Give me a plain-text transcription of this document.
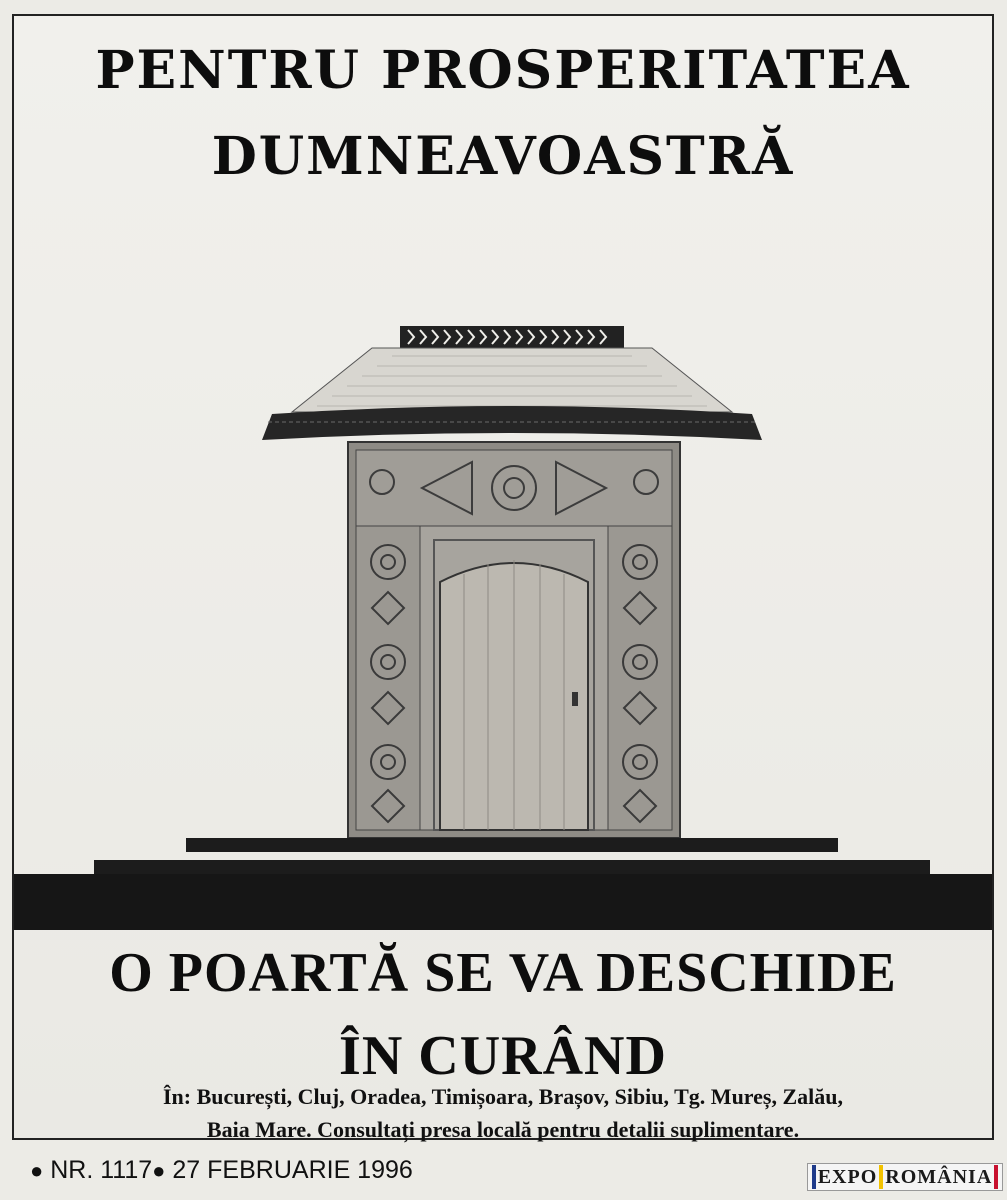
PENTRU PROSPERITATEA
DUMNEAVOASTRĂ
O POARTĂ SE VA DESCHIDE
ÎN CURÂND
În: București, Cluj, Oradea, Timișoara, Brașov, Sibiu, Tg. Mureș, Zalău,
Baia Mare. Consultați presa locală pentru detalii suplimentare.
● NR. 1117● 27 FEBRUARIE 1996	EXPO ROMÂNIA
